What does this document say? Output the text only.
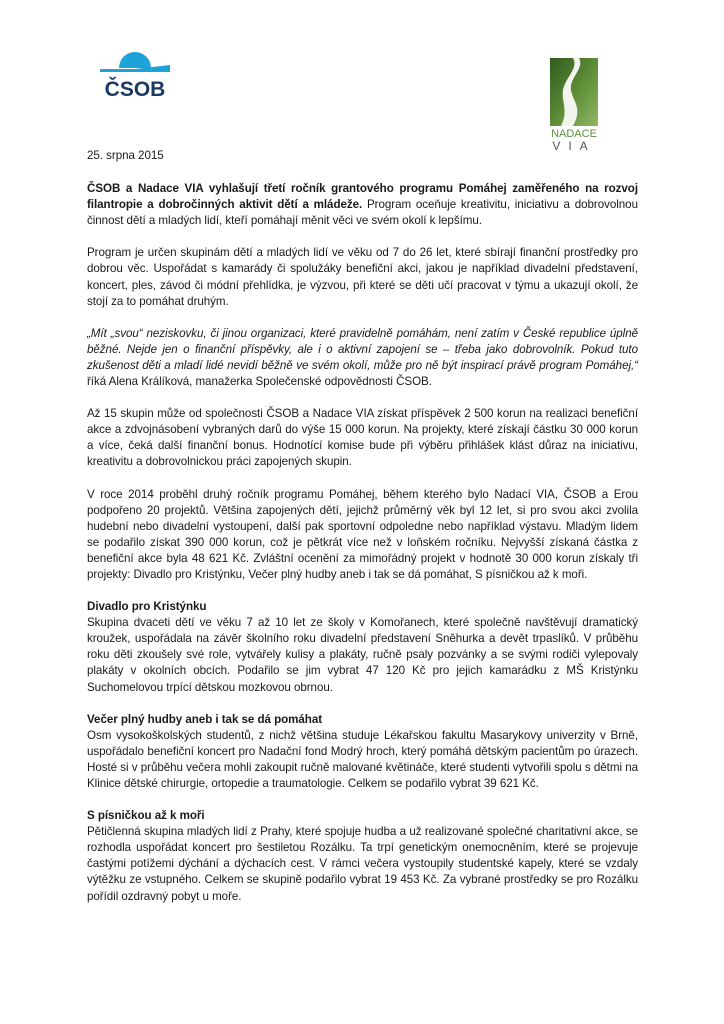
ČSOB
NADACE
VIA

25. srpna 2015

ČSOB a Nadace VIA vyhlašují třetí ročník grantového programu Pomáhej zaměřeného na rozvoj filantropie a dobročinných aktivit dětí a mládeže. Program oceňuje kreativitu, iniciativu a dobrovolnou činnost dětí a mladých lidí, kteří pomáhají měnit věci ve svém okolí k lepšímu.

Program je určen skupinám dětí a mladých lidí ve věku od 7 do 26 let, které sbírají finanční prostředky pro dobrou věc. Uspořádat s kamarády či spolužáky benefiční akci, jakou je například divadelní představení, koncert, ples, závod či módní přehlídka, je výzvou, při které se děti učí pracovat v týmu a ukazují okolí, že stojí za to pomáhat druhým.

„Mít „svou“ neziskovku, či jinou organizaci, které pravidelně pomáhám, není zatím v České republice úplně běžné. Nejde jen o finanční příspěvky, ale i o aktivní zapojení se – třeba jako dobrovolník. Pokud tuto zkušenost děti a mladí lidé nevidí běžně ve svém okolí, může pro ně být inspirací právě program Pomáhej,“ říká Alena Králíková, manažerka Společenské odpovědnosti ČSOB.

Až 15 skupin může od společnosti ČSOB a Nadace VIA získat příspěvek 2 500 korun na realizaci benefiční akce a zdvojnásobení vybraných darů do výše 15 000 korun. Na projekty, které získají částku 30 000 korun a více, čeká další finanční bonus. Hodnotící komise bude při výběru přihlášek klást důraz na iniciativu, kreativitu a dobrovolnickou práci zapojených skupin.

V roce 2014 proběhl druhý ročník programu Pomáhej, během kterého bylo Nadací VIA, ČSOB a Erou podpořeno 20 projektů. Většina zapojených dětí, jejichž průměrný věk byl 12 let, si pro svou akci zvolila hudební nebo divadelní vystoupení, další pak sportovní odpoledne nebo například výstavu. Mladým lidem se podařilo získat 390 000 korun, což je pětkrát více než v loňském ročníku. Nejvyšší získaná částka z benefiční akce byla 48 621 Kč. Zvláštní ocenění za mimořádný projekt v hodnotě 30 000 korun získaly tři projekty: Divadlo pro Kristýnku, Večer plný hudby aneb i tak se dá pomáhat, S písničkou až k moři.

Divadlo pro Kristýnku

Skupina dvaceti dětí ve věku 7 až 10 let ze školy v Komořanech, které společně navštěvují dramatický kroužek, uspořádala na závěr školního roku divadelní představení Sněhurka a devět trpaslíků. V průběhu roku děti zkoušely své role, vytvářely kulisy a plakáty, ručně psaly pozvánky a se svými rodiči vylepovaly plakáty v okolních obcích. Podařilo se jim vybrat 47 120 Kč pro jejich kamarádku z MŠ Kristýnku Suchomelovou trpící dětskou mozkovou obrnou.

Večer plný hudby aneb i tak se dá pomáhat

Osm vysokoškolských studentů, z nichž většina studuje Lékařskou fakultu Masarykovy univerzity v Brně, uspořádalo benefiční koncert pro Nadační fond Modrý hroch, který pomáhá dětským pacientům po úrazech. Hosté si v průběhu večera mohli zakoupit ručně malované květináče, které studenti vytvořili spolu s dětmi na Klinice dětské chirurgie, ortopedie a traumatologie. Celkem se podařilo vybrat 39 621 Kč.

S písničkou až k moři

Pětičlenná skupina mladých lidí z Prahy, které spojuje hudba a už realizované společné charitativní akce, se rozhodla uspořádat koncert pro šestiletou Rozálku. Ta trpí genetickým onemocněním, které se projevuje častými potížemi dýchání a dýchacích cest. V rámci večera vystoupily studentské kapely, které se vzdaly výtěžku ze vstupného. Celkem se skupině podařilo vybrat 19 453 Kč. Za vybrané prostředky se pro Rozálku pořídil ozdravný pobyt u moře.
